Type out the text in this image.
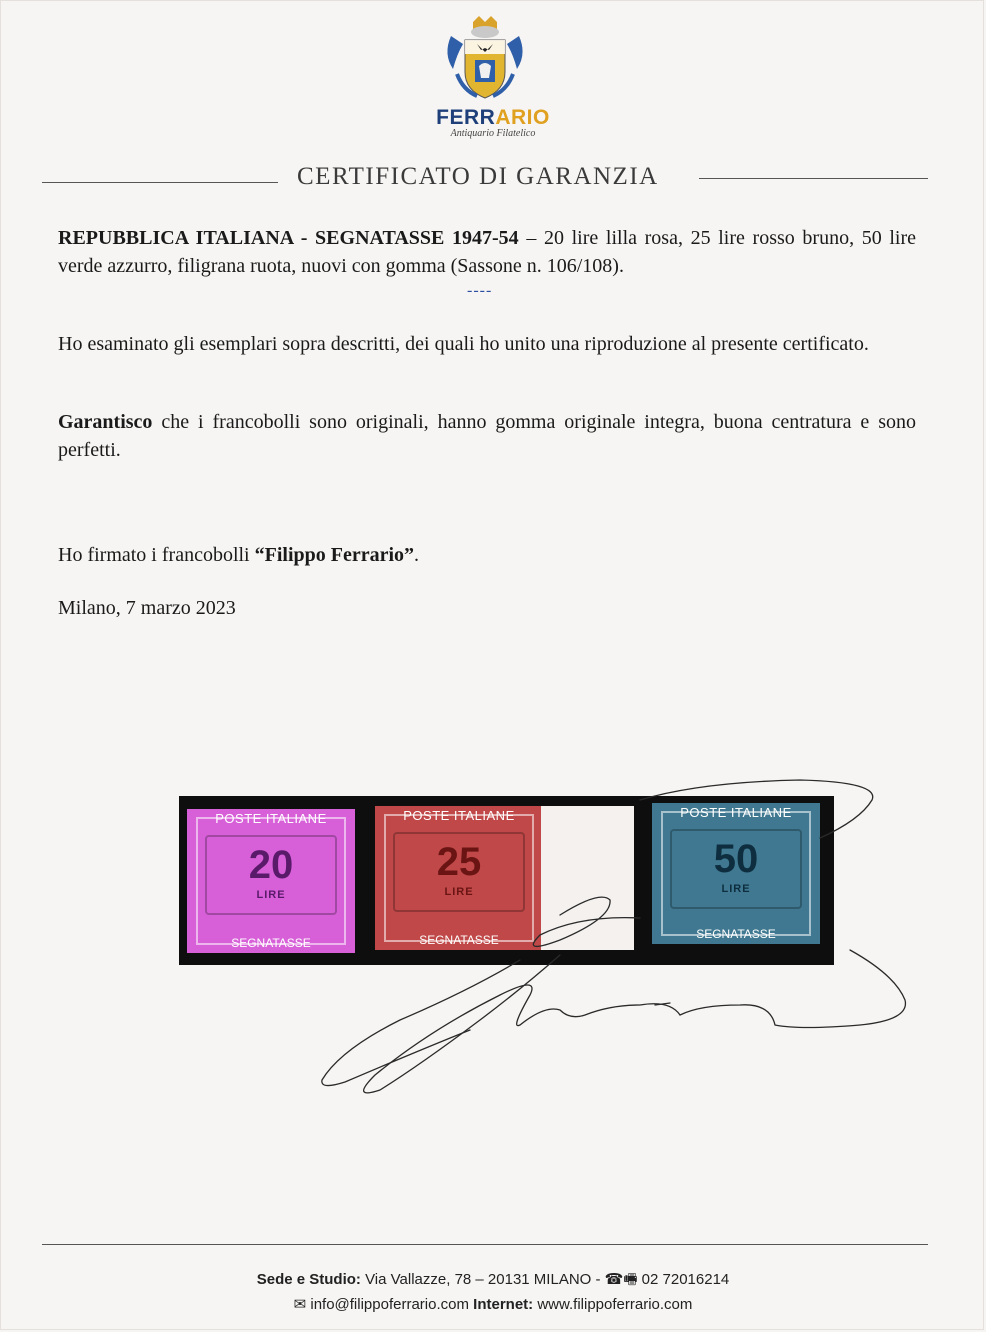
FERRARIO
Antiquario Filatelico
CERTIFICATO DI GARANZIA

REPUBBLICA ITALIANA - SEGNATASSE 1947-54 – 20 lire lilla rosa, 25 lire rosso bruno, 50 lire verde azzurro, filigrana ruota, nuovi con gomma (Sassone n. 106/108).

----

Ho esaminato gli esemplari sopra descritti, dei quali ho unito una riproduzione al presente certificato.

Garantisco che i francobolli sono originali, hanno gomma originale integra, buona centratura e sono perfetti.

Ho firmato i francobolli “Filippo Ferrario”.

Milano, 7 marzo 2023

POSTE ITALIANE
20
LIRE
SEGNATASSE
POSTE ITALIANE
25
LIRE
SEGNATASSE
POSTE ITALIANE
50
LIRE
SEGNATASSE
Sede e Studio: Via Vallazze, 78 – 20131 MILANO - ☎🖷 02 72016214
✉ info@filippoferrario.com Internet: www.filippoferrario.com
